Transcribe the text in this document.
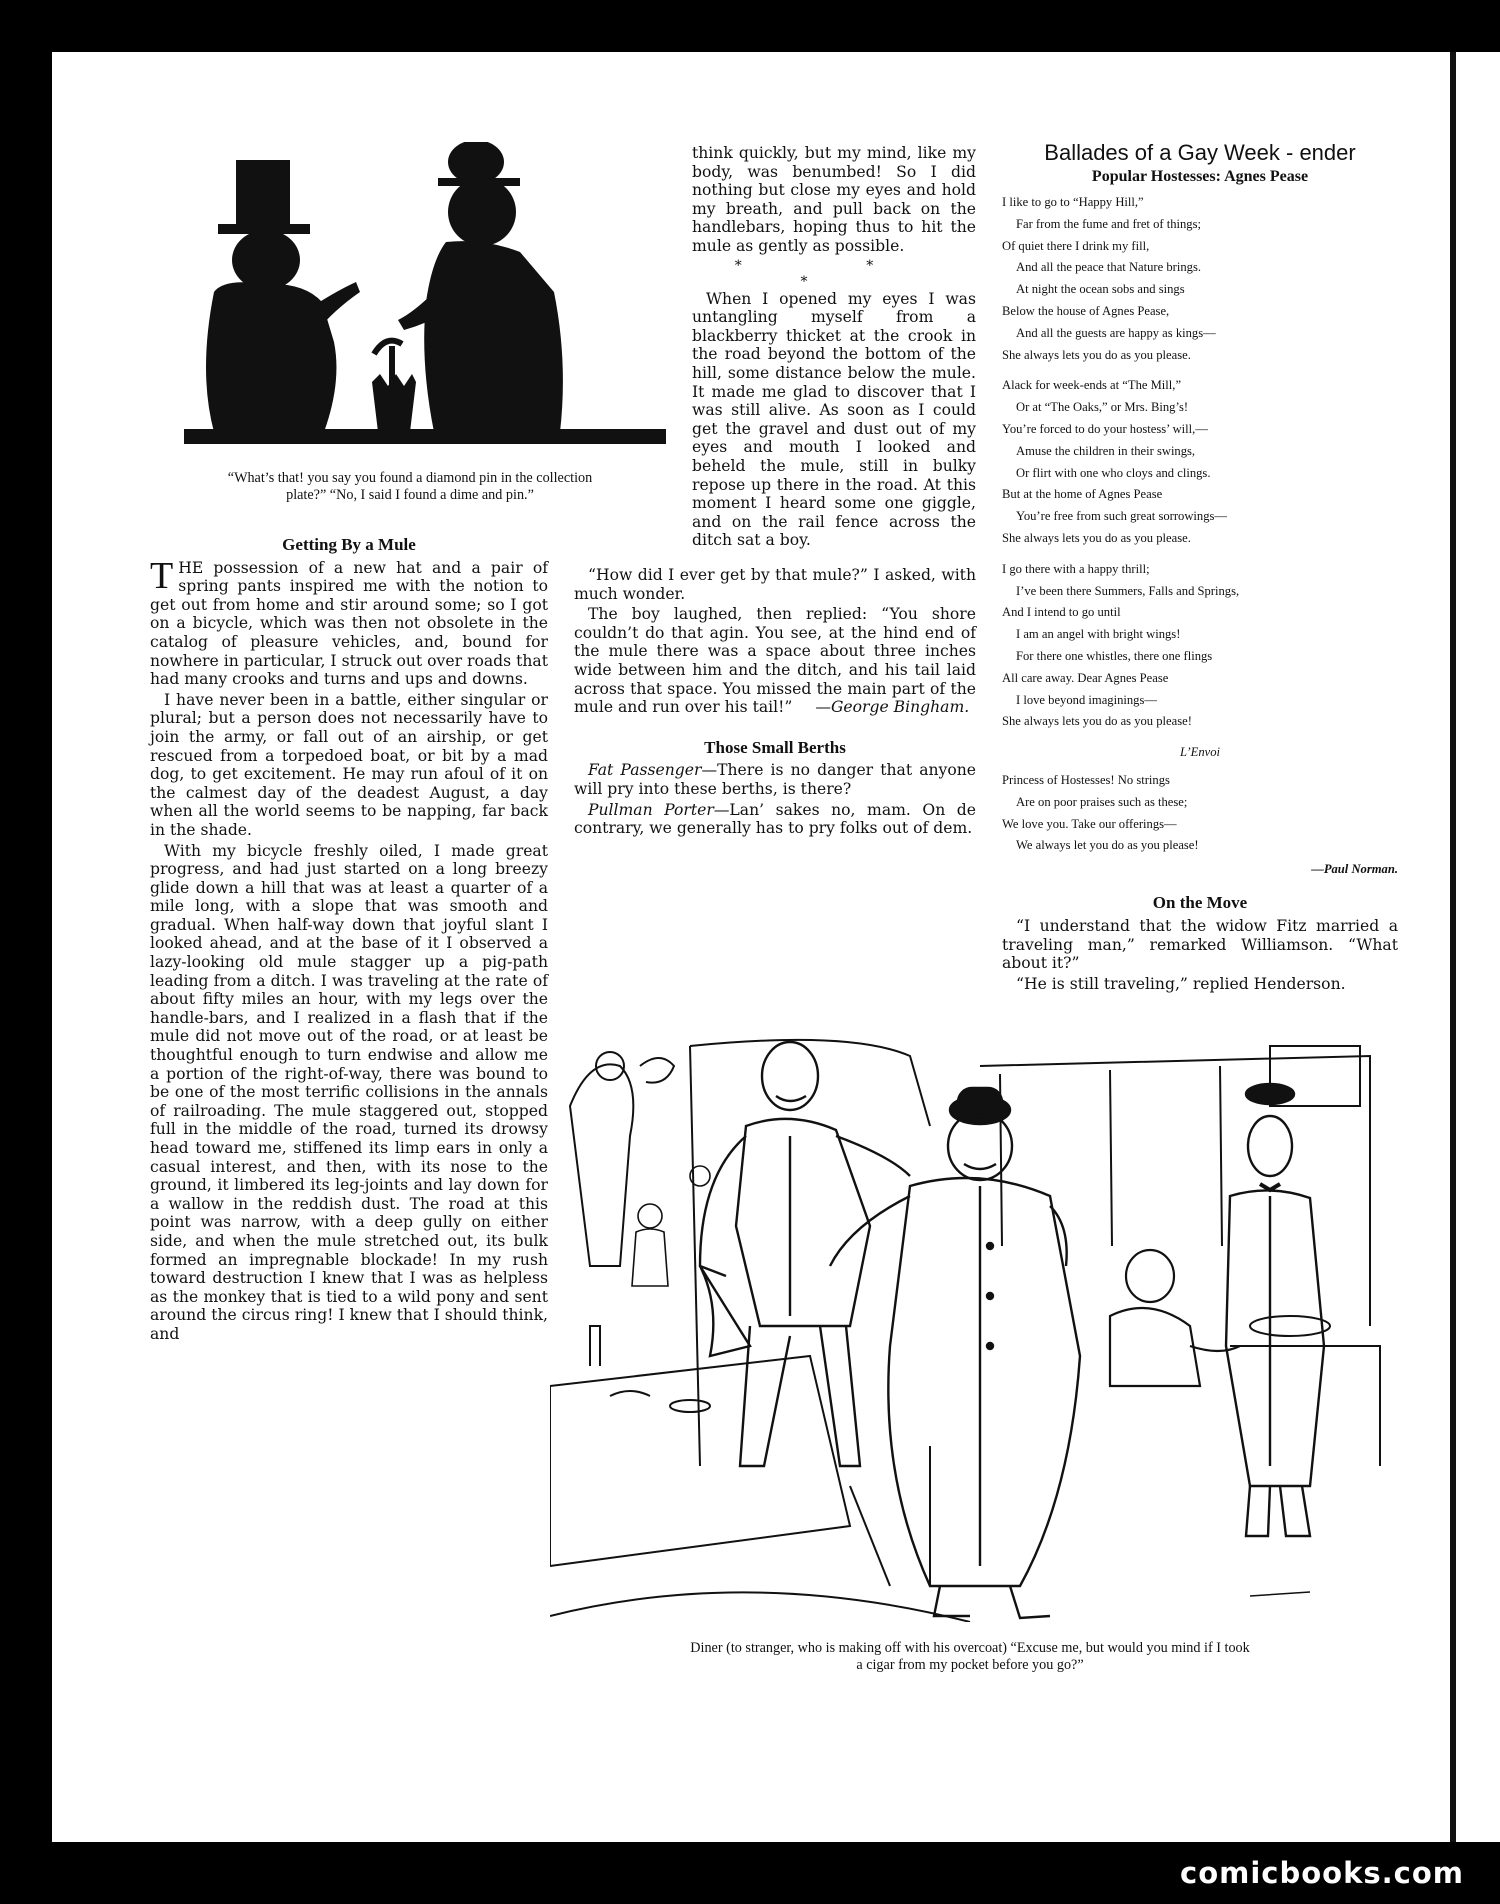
“What’s that! you say you found a diamond pin in the collection
plate?” “No, I said I found a dime and pin.”
Getting By a Mule

THE possession of a new hat and a pair of spring pants inspired me with the notion to get out from home and stir around some; so I got on a bicycle, which was then not obsolete in the catalog of pleasure vehicles, and, bound for nowhere in particular, I struck out over roads that had many crooks and turns and ups and downs.

I have never been in a battle, either singular or plural; but a person does not necessarily have to join the army, or fall out of an airship, or get rescued from a torpedoed boat, or bit by a mad dog, to get excitement. He may run afoul of it on the calmest day of the deadest August, a day when all the world seems to be napping, far back in the shade.

With my bicycle freshly oiled, I made great progress, and had just started on a long breezy glide down a hill that was at least a quarter of a mile long, with a slope that was smooth and gradual. When half-way down that joyful slant I looked ahead, and at the base of it I observed a lazy-looking old mule stagger up a pig-path leading from a ditch. I was traveling at the rate of about fifty miles an hour, with my legs over the handle-bars, and I realized in a flash that if the mule did not move out of the road, or at least be thoughtful enough to turn endwise and allow me a portion of the right-of-way, there was bound to be one of the most terrific collisions in the annals of railroading. The mule staggered out, stopped full in the middle of the road, turned its drowsy head toward me, stiffened its limp ears in only a casual interest, and then, with its nose to the ground, it limbered its leg-joints and lay down for a wallow in the reddish dust. The road at this point was narrow, with a deep gully on either side, and when the mule stretched out, its bulk formed an impregnable blockade! In my rush toward destruction I knew that I was as helpless as the monkey that is tied to a wild pony and sent around the circus ring! I knew that I should think, and

think quickly, but my mind, like my body, was benumbed! So I did nothing but close my eyes and hold my breath, and pull back on the handlebars, hoping thus to hit the mule as gently as possible.

* * *

When I opened my eyes I was untangling myself from a blackberry thicket at the crook in the road beyond the bottom of the hill, some distance below the mule. It made me glad to discover that I was still alive. As soon as I could get the gravel and dust out of my eyes and mouth I looked and beheld the mule, still in bulky repose up there in the road. At this moment I heard some one giggle, and on the rail fence across the ditch sat a boy.

“How did I ever get by that mule?” I asked, with much wonder.

The boy laughed, then replied: “You shore couldn’t do that agin. You see, at the hind end of the mule there was a space about three inches wide between him and the ditch, and his tail laid across that space. You missed the main part of the mule and run over his tail!” —George Bingham.

Those Small Berths

Fat Passenger—There is no danger that anyone will pry into these berths, is there?

Pullman Porter—Lan’ sakes no, mam. On de contrary, we generally has to pry folks out of dem.

Ballades of a Gay Week - ender
Popular Hostesses: Agnes Pease
I like to go to “Happy Hill,”
Far from the fume and fret of things;
Of quiet there I drink my fill,
And all the peace that Nature brings.
At night the ocean sobs and sings
Below the house of Agnes Pease,
And all the guests are happy as kings—
She always lets you do as you please.
Alack for week-ends at “The Mill,”
Or at “The Oaks,” or Mrs. Bing’s!
You’re forced to do your hostess’ will,—
Amuse the children in their swings,
Or flirt with one who cloys and clings.
But at the home of Agnes Pease
You’re free from such great sorrowings—
She always lets you do as you please.
I go there with a happy thrill;
I’ve been there Summers, Falls and Springs,
And I intend to go until
I am an angel with bright wings!
For there one whistles, there one flings
All care away. Dear Agnes Pease
I love beyond imaginings—
She always lets you do as you please!
L’Envoi
Princess of Hostesses! No strings
Are on poor praises such as these;
We love you. Take our offerings—
We always let you do as you please!
—Paul Norman.
On the Move

“I understand that the widow Fitz married a traveling man,” remarked Williamson. “What about it?”

“He is still traveling,” replied Henderson.

Diner (to stranger, who is making off with his overcoat) “Excuse me, but would you mind if I took
a cigar from my pocket before you go?”
comicbooks.com
